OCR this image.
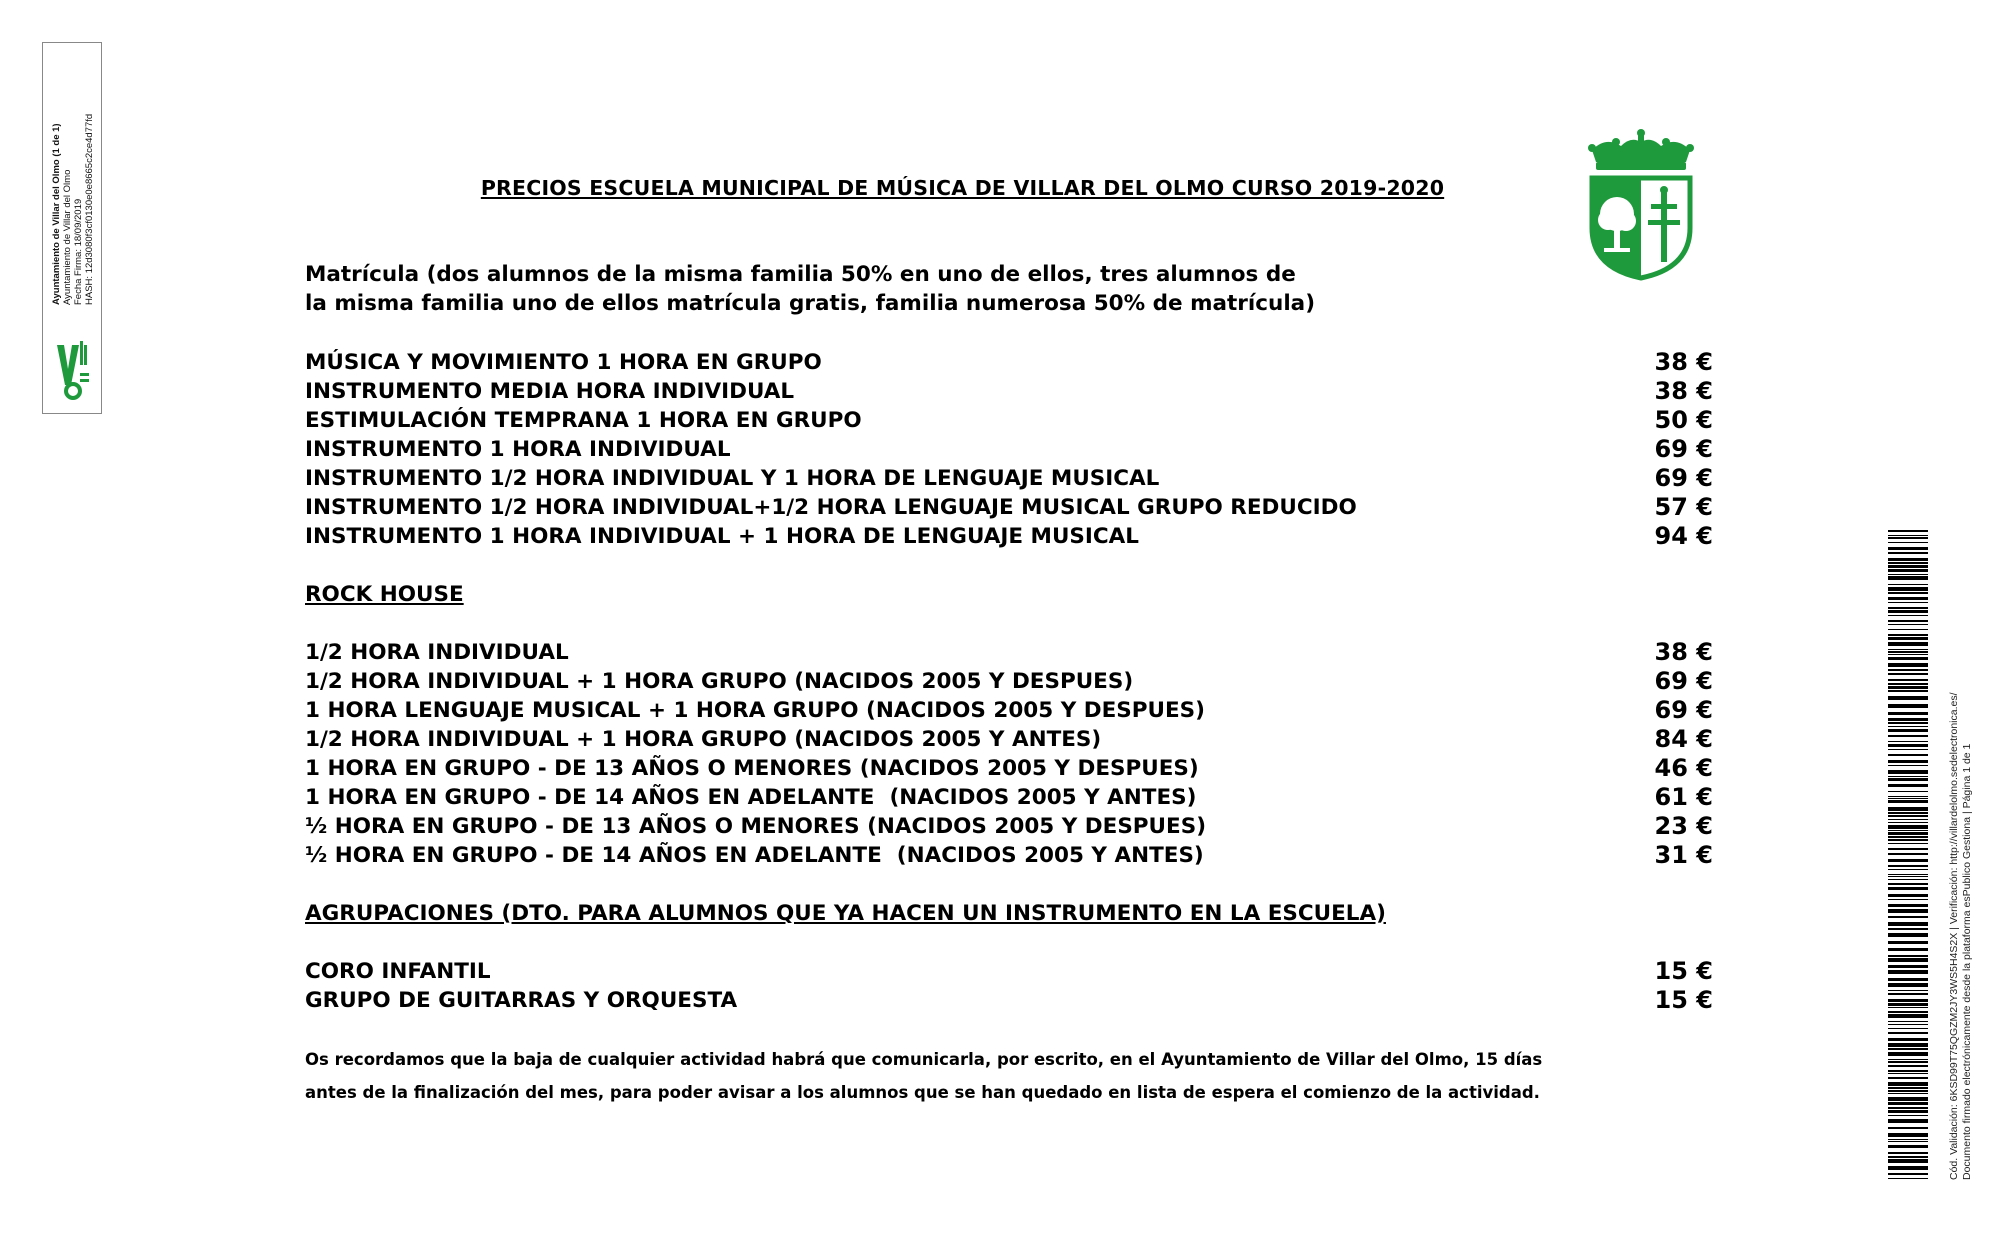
Ayuntamiento de Villar del Olmo (1 de 1) Ayuntamiento de Villar del Olmo Fecha Firma: 18/09/2019 HASH: 12d3080f3cf0130e0e8665c2ce4d77fd
Cód. Validación: 6KSD99T75QGZM2JY3WS5H4S2X | Verificación: http://villardelolmo.sedelectronica.es/ Documento firmado electrónicamente desde la plataforma esPublico Gestiona | Página 1 de 1
PRECIOS ESCUELA MUNICIPAL DE MÚSICA DE VILLAR DEL OLMO CURSO 2019-2020
Matrícula (dos alumnos de la misma familia 50% en uno de ellos, tres alumnos de
la misma familia uno de ellos matrícula gratis, familia numerosa 50% de matrícula)
MÚSICA Y MOVIMIENTO 1 HORA EN GRUPO	38 €
INSTRUMENTO MEDIA HORA INDIVIDUAL	38 €
ESTIMULACIÓN TEMPRANA 1 HORA EN GRUPO	50 €
INSTRUMENTO 1 HORA INDIVIDUAL	69 €
INSTRUMENTO 1/2 HORA INDIVIDUAL Y 1 HORA DE LENGUAJE MUSICAL	69 €
INSTRUMENTO 1/2 HORA INDIVIDUAL+1/2 HORA LENGUAJE MUSICAL GRUPO REDUCIDO	57 €
INSTRUMENTO 1 HORA INDIVIDUAL + 1 HORA DE LENGUAJE MUSICAL	94 €
ROCK HOUSE
1/2 HORA INDIVIDUAL	38 €
1/2 HORA INDIVIDUAL + 1 HORA GRUPO (NACIDOS 2005 Y DESPUES)	69 €
1 HORA LENGUAJE MUSICAL + 1 HORA GRUPO (NACIDOS 2005 Y DESPUES)	69 €
1/2 HORA INDIVIDUAL + 1 HORA GRUPO (NACIDOS 2005 Y ANTES)	84 €
1 HORA EN GRUPO - DE 13 AÑOS O MENORES (NACIDOS 2005 Y DESPUES)	46 €
1 HORA EN GRUPO - DE 14 AÑOS EN ADELANTE  (NACIDOS 2005 Y ANTES)	61 €
½ HORA EN GRUPO - DE 13 AÑOS O MENORES (NACIDOS 2005 Y DESPUES)	23 €
½ HORA EN GRUPO - DE 14 AÑOS EN ADELANTE  (NACIDOS 2005 Y ANTES)	31 €
AGRUPACIONES (DTO. PARA ALUMNOS QUE YA HACEN UN INSTRUMENTO EN LA ESCUELA)
CORO INFANTIL	15 €
GRUPO DE GUITARRAS Y ORQUESTA	15 €
Os recordamos que la baja de cualquier actividad habrá que comunicarla, por escrito, en el Ayuntamiento de Villar del Olmo, 15 días
antes de la finalización del mes, para poder avisar a los alumnos que se han quedado en lista de espera el comienzo de la actividad.
